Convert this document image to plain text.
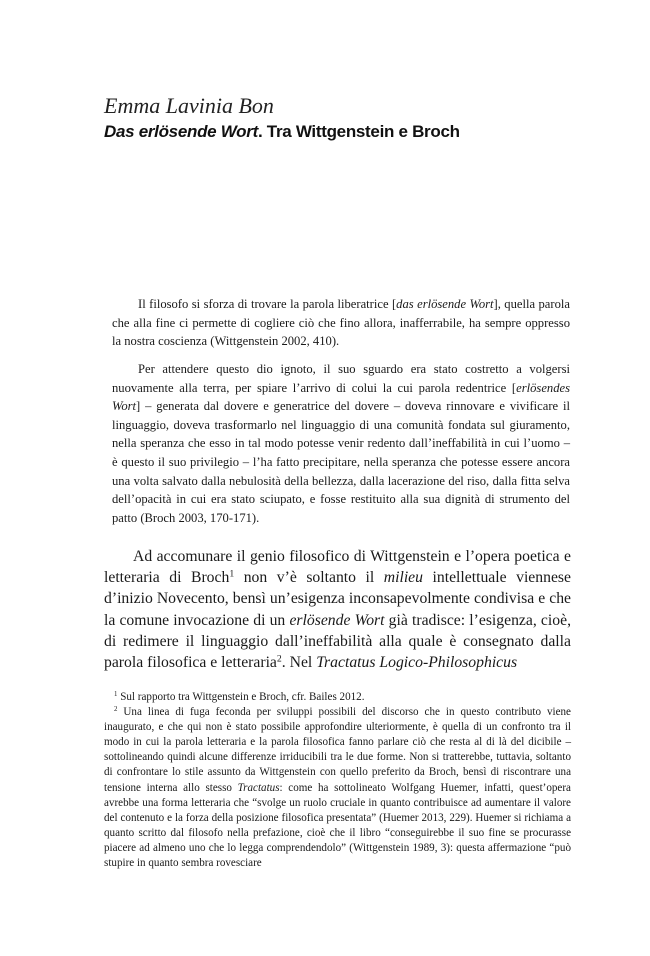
Emma Lavinia Bon
Das erlösende Wort. Tra Wittgenstein e Broch

Il filosofo si sforza di trovare la parola liberatrice [das erlösende Wort], quella parola che alla fine ci permette di cogliere ciò che fino allora, inafferrabile, ha sempre oppresso la nostra coscienza (Wittgenstein 2002, 410).

Per attendere questo dio ignoto, il suo sguardo era stato costretto a volgersi nuovamente alla terra, per spiare l’arrivo di colui la cui parola redentrice [erlösendes Wort] – generata dal dovere e generatrice del dovere – doveva rinnovare e vivificare il linguaggio, doveva trasformarlo nel linguaggio di una comunità fondata sul giuramento, nella speranza che esso in tal modo potesse venir redento dall’ineffabilità in cui l’uomo – è questo il suo privilegio – l’ha fatto precipitare, nella speranza che potesse essere ancora una volta salvato dalla nebulosità della bellezza, dalla lacerazione del riso, dalla fitta selva dell’opacità in cui era stato sciupato, e fosse restituito alla sua dignità di strumento del patto (Broch 2003, 170-171).

Ad accomunare il genio filosofico di Wittgenstein e l’opera poetica e letteraria di Broch$^1$ non v’è soltanto il milieu intellettuale viennese d’inizio Novecento, bensì un’esigenza inconsapevolmente condivisa e che la comune invocazione di un erlösende Wort già tradisce: l’esigenza, cioè, di redimere il linguaggio dall’ineffabilità alla quale è consegnato dalla parola filosofica e letteraria$^2$. Nel Tractatus Logico-Philosophicus

$^1$ Sul rapporto tra Wittgenstein e Broch, cfr. Bailes 2012.

$^2$ Una linea di fuga feconda per sviluppi possibili del discorso che in questo contributo viene inaugurato, e che qui non è stato possibile approfondire ulteriormente, è quella di un confronto tra il modo in cui la parola letteraria e la parola filosofica fanno parlare ciò che resta al di là del dicibile – sottolineando quindi alcune differenze irriducibili tra le due forme. Non si tratterebbe, tuttavia, soltanto di confrontare lo stile assunto da Wittgenstein con quello preferito da Broch, bensì di riscontrare una tensione interna allo stesso Tractatus: come ha sottolineato Wolfgang Huemer, infatti, quest’opera avrebbe una forma letteraria che “svolge un ruolo cruciale in quanto contribuisce ad aumentare il valore del contenuto e la forza della posizione filosofica presentata” (Huemer 2013, 229). Huemer si richiama a quanto scritto dal filosofo nella prefazione, cioè che il libro “conseguirebbe il suo fine se procurasse piacere ad almeno uno che lo legga comprendendolo” (Wittgenstein 1989, 3): questa affermazione “può stupire in quanto sembra rovesciare
